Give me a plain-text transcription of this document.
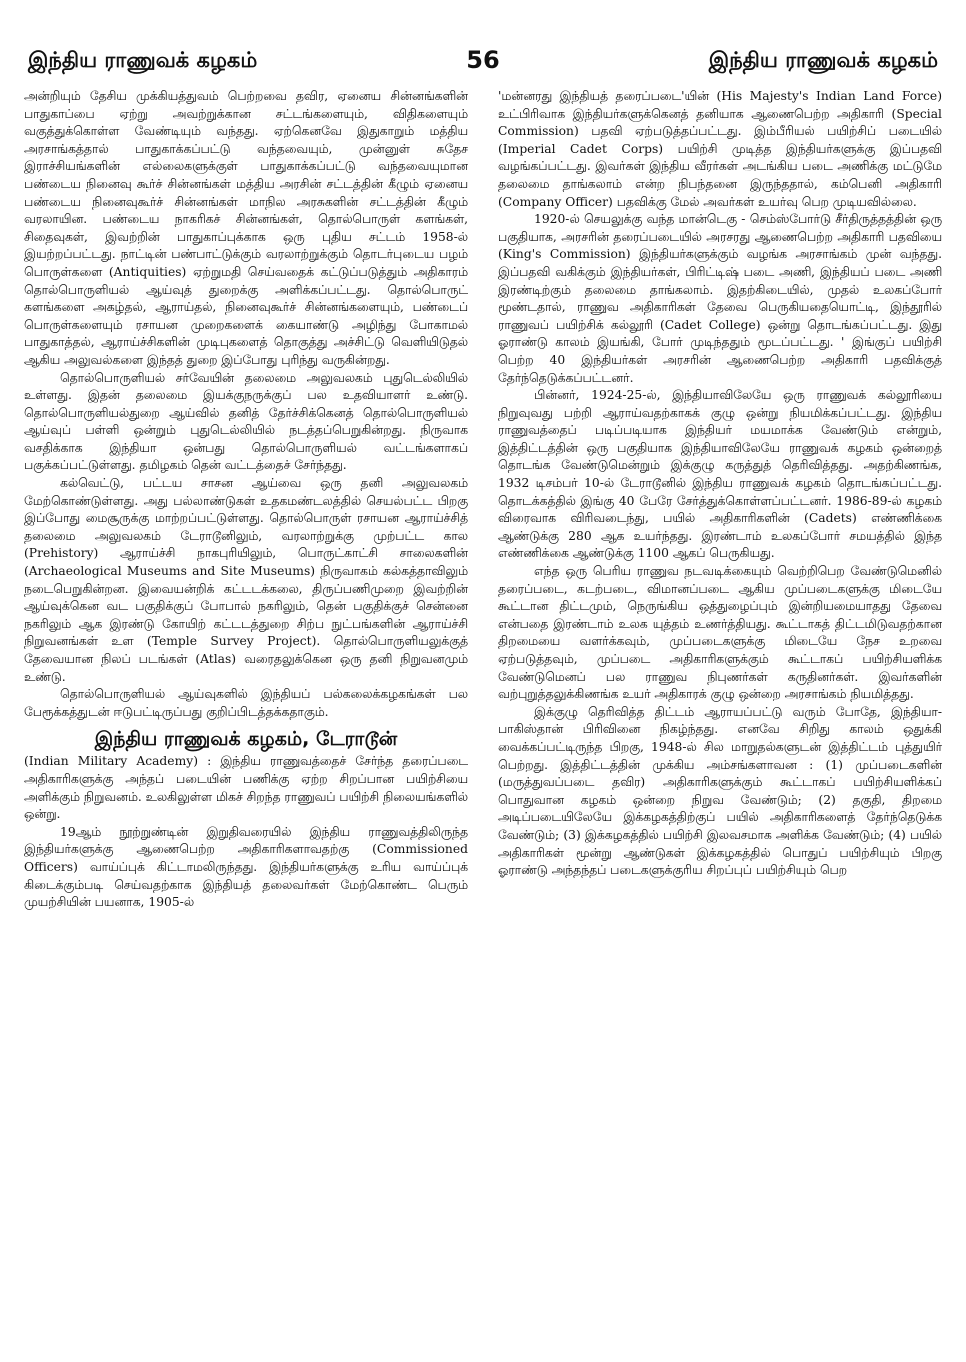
இந்திய ராணுவக் கழகம்	56	இந்திய ராணுவக் கழகம்

அன்றியும் தேசிய முக்கியத்துவம் பெற்றவை தவிர, ஏனைய சின்னங்களின் பாதுகாப்பை ஏற்று அவற்றுக்கான சட்டங்களையும், விதிகளையும் வகுத்துக்கொள்ள வேண்டியும் வந்தது. ஏற்கெனவே இதுகாறும் மத்திய அரசாங்கத்தால் பாதுகாக்கப்பட்டு வந்தவையும், முன்னுள் சுதேச இராச்சியங்களின் எல்லைகளுக்குள் பாதுகாக்கப்பட்டு வந்தவையுமான பண்டைய நினைவு கூர்ச் சின்னங்கள் மத்திய அரசின் சட்டத்தின் கீழும் ஏனைய பண்டைய நினைவுகூர்ச் சின்னங்கள் மாநில அரசுகளின் சட்டத்தின் கீழும் வரலாயின. பண்டைய நாகரிகச் சின்னங்கள், தொல்பொருள் களங்கள், சிதைவுகள், இவற்றின் பாதுகாப்புக்காக ஒரு புதிய சட்டம் 1958-ல் இயற்றப்பட்டது. நாட்டின் பண்பாட்டுக்கும் வரலாற்றுக்கும் தொடர்புடைய பழம் பொருள்களை (Antiquities) ஏற்றுமதி செய்வதைக் கட்டுப்படுத்தும் அதிகாரம் தொல்பொருளியல் ஆய்வுத் துறைக்கு அளிக்கப்பட்டது. தொல்பொருட் களங்களை அகழ்தல், ஆராய்தல், நினைவுகூர்ச் சின்னங்களையும், பண்டைப் பொருள்களையும் ரசாயன முறைகளைக் கையாண்டு அழிந்து போகாமல் பாதுகாத்தல், ஆராய்ச்சிகளின் முடிபுகளைத் தொகுத்து அச்சிட்டு வெளியிடுதல் ஆகிய அலுவல்களை இந்தத் துறை இப்போது புரிந்து வருகின்றது.

தொல்பொருளியல் சர்வேயின் தலைமை அலுவலகம் புதுடெல்லியில் உள்ளது. இதன் தலைமை இயக்குநருக்குப் பல உதவியாளர் உண்டு. தொல்பொருளியல்துறை ஆய்வில் தனித் தேர்ச்சிக்கெனத் தொல்பொருளியல் ஆய்வுப் பள்ளி ஒன்றும் புதுடெல்லியில் நடத்தப்பெறுகின்றது. நிருவாக வசதிக்காக இந்தியா ஒன்பது தொல்பொருளியல் வட்டங்களாகப் பகுக்கப்பட்டுள்ளது. தமிழகம் தென் வட்டத்தைச் சேர்ந்தது.

கல்வெட்டு, பட்டய சாசன ஆய்வை ஒரு தனி அலுவலகம் மேற்கொண்டுள்ளது. அது பல்லாண்டுகள் உதகமண்டலத்தில் செயல்பட்ட பிறகு இப்போது மைசூருக்கு மாற்றப்பட்டுள்ளது. தொல்பொருள் ரசாயன ஆராய்ச்சித் தலைமை அலுவலகம் டேராடூனிலும், வரலாற்றுக்கு முற்பட்ட கால (Prehistory) ஆராய்ச்சி நாகபுரியிலும், பொருட்காட்சி சாலைகளின் (Archaeological Museums and Site Museums) நிருவாகம் கல்கத்தாவிலும் நடைபெறுகின்றன. இவையன்றிக் கட்டடக்கலை, திருப்பணிமுறை இவற்றின் ஆய்வுக்கென வட பகுதிக்குப் போபால் நகரிலும், தென் பகுதிக்குச் சென்னை நகரிலும் ஆக இரண்டு கோயிற் கட்டடத்துறை சிற்ப நுட்பங்களின் ஆராய்ச்சி நிறுவனங்கள் உள (Temple Survey Project). தொல்பொருளியலுக்குத் தேவையான நிலப் படங்கள் (Atlas) வரைதலுக்கென ஒரு தனி நிறுவனமும் உண்டு.

தொல்பொருளியல் ஆய்வுகளில் இந்தியப் பல்கலைக்கழகங்கள் பல பேரூக்கத்துடன் ஈடுபட்டிருப்பது குறிப்பிடத்தக்கதாகும்.

இந்திய ராணுவக் கழகம், டேராடூன்

(Indian Military Academy) : இந்திய ராணுவத்தைச் சேர்ந்த தரைப்படை அதிகாரிகளுக்கு அந்தப் படையின் பணிக்கு ஏற்ற சிறப்பான பயிற்சியை அளிக்கும் நிறுவனம். உலகிலுள்ள மிகச் சிறந்த ராணுவப் பயிற்சி நிலையங்களில் ஒன்று.

19ஆம் நூற்றுண்டின் இறுதிவரையில் இந்திய ராணுவத்திலிருந்த இந்தியர்களுக்கு ஆணைபெற்ற அதிகாரிகளாவதற்கு (Commissioned Officers) வாய்ப்புக் கிட்டாமலிருந்தது. இந்தியர்களுக்கு உரிய வாய்ப்புக் கிடைக்கும்படி செய்வதற்காக இந்தியத் தலைவர்கள் மேற்கொண்ட பெரும் முயற்சியின் பயனாக, 1905-ல்

'மன்னரது இந்தியத் தரைப்படை'யின் (His Majesty's Indian Land Force) உட்பிரிவாக இந்தியர்களுக்கெனத் தனியாக ஆணைபெற்ற அதிகாரி (Special Commission) பதவி ஏற்படுத்தப்பட்டது. இம்பீரியல் பயிற்சிப் படையில் (Imperial Cadet Corps) பயிற்சி முடித்த இந்தியர்களுக்கு இப்பதவி வழங்கப்பட்டது. இவர்கள் இந்திய வீரர்கள் அடங்கிய படை அணிக்கு மட்டுமே தலைமை தாங்கலாம் என்ற நிபந்தனை இருந்ததால், கம்பெனி அதிகாரி (Company Officer) பதவிக்கு மேல் அவர்கள் உயர்வு பெற முடியவில்லை.

1920-ல் செயலுக்கு வந்த மான்டெகு - செம்ஸ்போர்டு சீர்திருத்தத்தின் ஒரு பகுதியாக, அரசரின் தரைப்படையில் அரசரது ஆணைபெற்ற அதிகாரி பதவியை (King's Commission) இந்தியர்களுக்கும் வழங்க அரசாங்கம் முன் வந்தது. இப்பதவி வகிக்கும் இந்தியர்கள், பிரிட்டிஷ் படை அணி, இந்தியப் படை அணி இரண்டிற்கும் தலைமை தாங்கலாம். இதற்கிடையில், முதல் உலகப்போர் மூண்டதால், ராணுவ அதிகாரிகள் தேவை பெருகியதையொட்டி, இந்தூரில் ராணுவப் பயிற்சிக் கல்லூரி (Cadet College) ஒன்று தொடங்கப்பட்டது. இது ஓராண்டு காலம் இயங்கி, போர் முடிந்ததும் மூடப்பட்டது. ' இங்குப் பயிற்சி பெற்ற 40 இந்தியர்கள் அரசரின் ஆணைபெற்ற அதிகாரி பதவிக்குத் தேர்ந்தெடுக்கப்பட்டனர்.

பின்னர், 1924-25-ல், இந்தியாவிலேயே ஒரு ராணுவக் கல்லூரியை நிறுவுவது பற்றி ஆராய்வதற்காகக் குழு ஒன்று நியமிக்கப்பட்டது. இந்திய ராணுவத்தைப் படிப்படியாக இந்தியர் மயமாக்க வேண்டும் என்றும், இத்திட்டத்தின் ஒரு பகுதியாக இந்தியாவிலேயே ராணுவக் கழகம் ஒன்றைத் தொடங்க வேண்டுமென்றும் இக்குழு கருத்துத் தெரிவித்தது. அதற்கிணங்க, 1932 டிசம்பர் 10-ல் டேராடூனில் இந்திய ராணுவக் கழகம் தொடங்கப்பட்டது. தொடக்கத்தில் இங்கு 40 பேரே சேர்த்துக்கொள்ளப்பட்டனர். 1986-89-ல் கழகம் விரைவாக விரிவடைந்து, பயில் அதிகாரிகளின் (Cadets) எண்ணிக்கை ஆண்டுக்கு 280 ஆக உயர்ந்தது. இரண்டாம் உலகப்போர் சமயத்தில் இந்த எண்ணிக்கை ஆண்டுக்கு 1100 ஆகப் பெருகியது.

எந்த ஒரு பெரிய ராணுவ நடவடிக்கையும் வெற்றிபெற வேண்டுமெனில் தரைப்படை, கடற்படை, விமானப்படை ஆகிய முப்படைகளுக்கு மிடையே கூட்டான திட்டமும், நெருங்கிய ஒத்துழைப்பும் இன்றியமையாதது தேவை என்பதை இரண்டாம் உலக யுத்தம் உணர்த்தியது. கூட்டாகத் திட்டமிடுவதற்கான திறமையை வளர்க்கவும், முப்படைகளுக்கு மிடையே நேச உறவை ஏற்படுத்தவும், முப்படை அதிகாரிகளுக்கும் கூட்டாகப் பயிற்சியளிக்க வேண்டுமெனப் பல ராணுவ நிபுணர்கள் கருதினர்கள். இவர்களின் வற்புறுத்தலுக்கிணங்க உயர் அதிகாரக் குழு ஒன்றை அரசாங்கம் நியமித்தது.

இக்குழு தெரிவித்த திட்டம் ஆராயப்பட்டு வரும் போதே, இந்தியா-பாகிஸ்தான் பிரிவினை நிகழ்ந்தது. எனவே சிறிது காலம் ஒதுக்கி வைக்கப்பட்டிருந்த பிறகு, 1948-ல் சில மாறுதல்களுடன் இத்திட்டம் புத்துயிர் பெற்றது. இத்திட்டத்தின் முக்கிய அம்சங்களாவன : (1) முப்படைகளின் (மருத்துவப்படை தவிர) அதிகாரிகளுக்கும் கூட்டாகப் பயிற்சியளிக்கப் பொதுவான கழகம் ஒன்றை நிறுவ வேண்டும்; (2) தகுதி, திறமை அடிப்படையிலேயே இக்கழகத்திற்குப் பயில் அதிகாரிகளைத் தேர்ந்தெடுக்க வேண்டும்; (3) இக்கழகத்தில் பயிற்சி இலவசமாக அளிக்க வேண்டும்; (4) பயில் அதிகாரிகள் மூன்று ஆண்டுகள் இக்கழகத்தில் பொதுப் பயிற்சியும் பிறகு ஓராண்டு அந்தந்தப் படைகளுக்குரிய சிறப்புப் பயிற்சியும் பெற
